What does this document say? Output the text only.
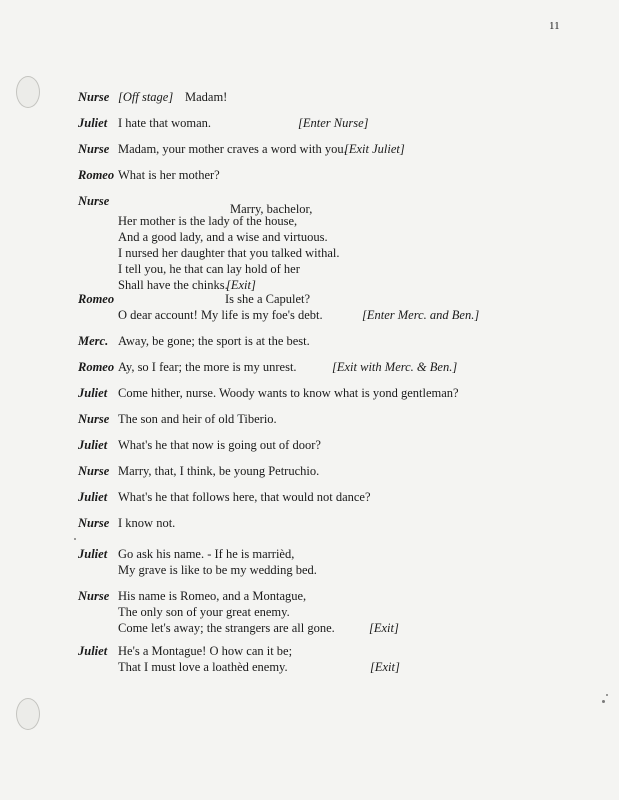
11
Nurse [Off stage] Madam!
Juliet I hate that woman.	[Enter Nurse]
Nurse Madam, your mother craves a word with you.
[Exit Juliet]
Romeo What is her mother?
Nurse
Marry, bachelor,
Her mother is the lady of the house,
And a good lady, and a wise and virtuous.
I nursed her daughter that you talked withal.
I tell you, he that can lay hold of her
Shall have the chinks.
[Exit]
Romeo	Is she a Capulet?
O dear account! My life is my foe's debt.	[Enter Merc. and Ben.]
Merc. Away, be gone; the sport is at the best.
Romeo Ay, so I fear; the more is my unrest.	[Exit with Merc. & Ben.]
Juliet Come hither, nurse. Woody wants to know what is yond gentleman?
Nurse The son and heir of old Tiberio.
Juliet What's he that now is going out of door?
Nurse Marry, that, I think, be young Petruchio.
Juliet What's he that follows here, that would not dance?
Nurse I know not.
Juliet Go ask his name. - If he is marrièd,
My grave is like to be my wedding bed.
Nurse His name is Romeo, and a Montague,
The only son of your great enemy.
Come let's away; the strangers are all gone.	[Exit]
Juliet He's a Montague! O how can it be;
That I must love a loathèd enemy.	[Exit]
